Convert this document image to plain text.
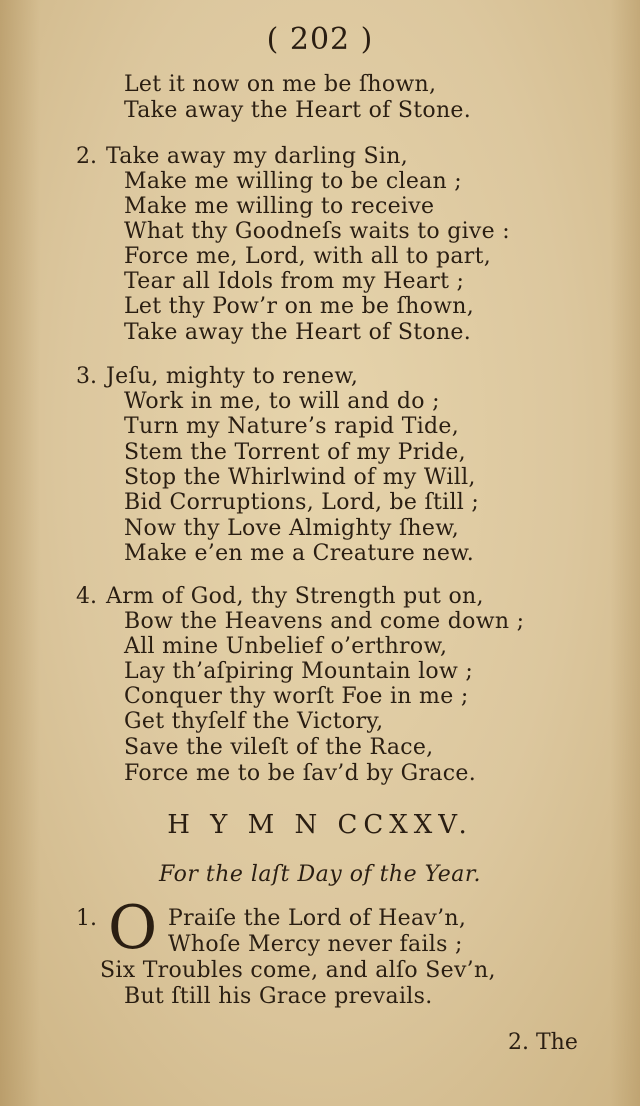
( 202 )
Let it now on me be ſhown,
Take away the Heart of Stone.
2. Take away my darling Sin,
Make me willing to be clean ;
Make me willing to receive
What thy Goodneſs waits to give :
Force me, Lord, with all to part,
Tear all Idols from my Heart ;
Let thy Pow’r on me be ſhown,
Take away the Heart of Stone.
3. Jeſu, mighty to renew,
Work in me, to will and do ;
Turn my Nature’s rapid Tide,
Stem the Torrent of my Pride,
Stop the Whirlwind of my Will,
Bid Corruptions, Lord, be ſtill ;
Now thy Love Almighty ſhew,
Make e’en me a Creature new.
4. Arm of God, thy Strength put on,
Bow the Heavens and come down ;
All mine Unbelief o’erthrow,
Lay th’aſpiring Mountain low ;
Conquer thy worſt Foe in me ;
Get thyſelf the Victory,
Save the vileſt of the Race,
Force me to be ſav’d by Grace.
H Y M N CCXXV.
For the laſt Day of the Year.
1. O Praiſe the Lord of Heav’n,
Whoſe Mercy never fails ;
Six Troubles come, and alſo Sev’n,
But ſtill his Grace prevails.
2. The
